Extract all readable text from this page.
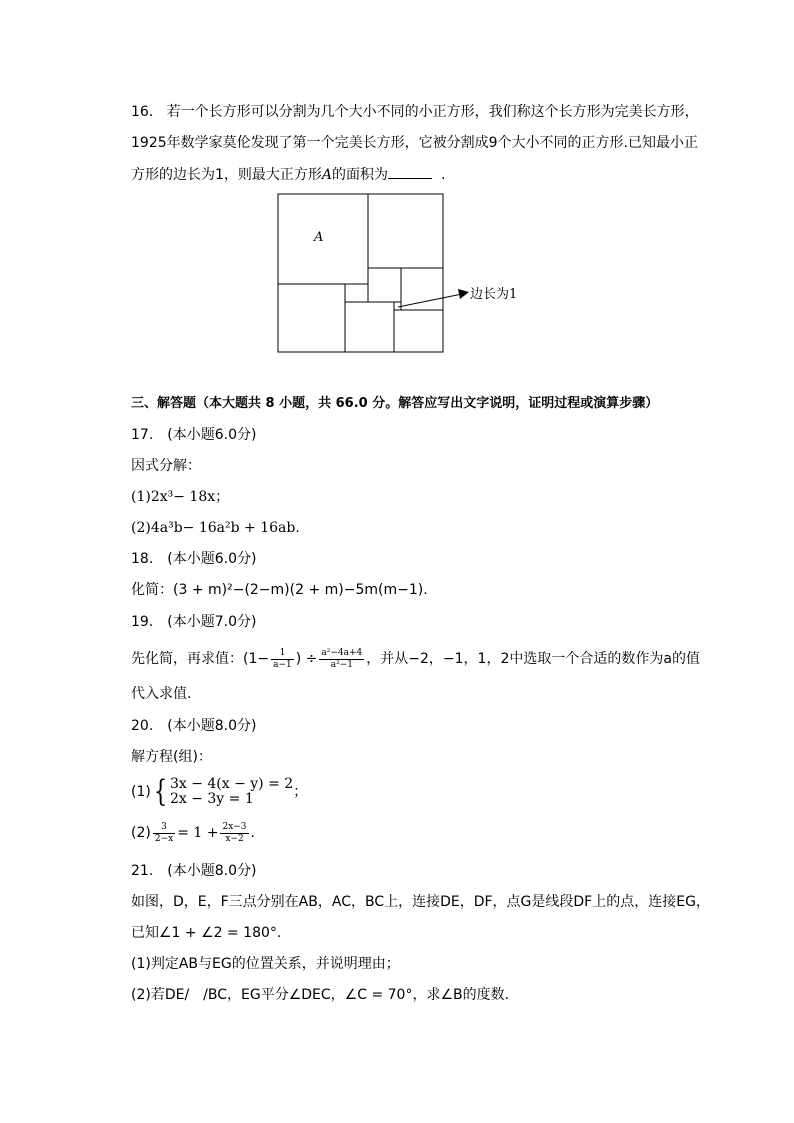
16. 若一个长方形可以分割为几个大小不同的小正方形，我们称这个长方形为完美长方形，
1925年数学家莫伦发现了第一个完美长方形，它被分割成9个大小不同的正方形.已知最小正
方形的边长为1，则最大正方形A的面积为	.
A
边长为1
三、解答题（本大题共 8 小题，共 66.0 分。解答应写出文字说明，证明过程或演算步骤）
17.　(本小题6.0分)
因式分解：
(1)2x³− 18x；
(2)4a³b− 16a²b + 16ab.
18.　(本小题6.0分)
化简：(3 + m)²−(2−m)(2 + m)−5m(m−1).
19.　(本小题7.0分)
先化简，再求值：($1- \frac{1}{a-1}$ ) ÷ $\frac{\text{a²−4a+4}}{\text{a²−1}}$ ，并从−2，−1，1，2中选取一个合适的数作为a的值
代入求值.
20.　(本小题8.0分)
解方程(组)：
(1){ 3x − 4(x − y) = 2
2x − 3y = 1	；
$(2) \frac{3}{2-x} = 1 + \frac{2x-3}{x-2}$ .
21.　(本小题8.0分)
如图，D，E，F三点分别在AB，AC，BC上，连接DE，DF，点G是线段DF上的点，连接EG，
已知∠1 + ∠2 = 180°.
(1)判定AB与EG的位置关系，并说明理由；
(2)若DE/　/BC，EG平分∠DEC，∠C = 70°，求∠B的度数.
